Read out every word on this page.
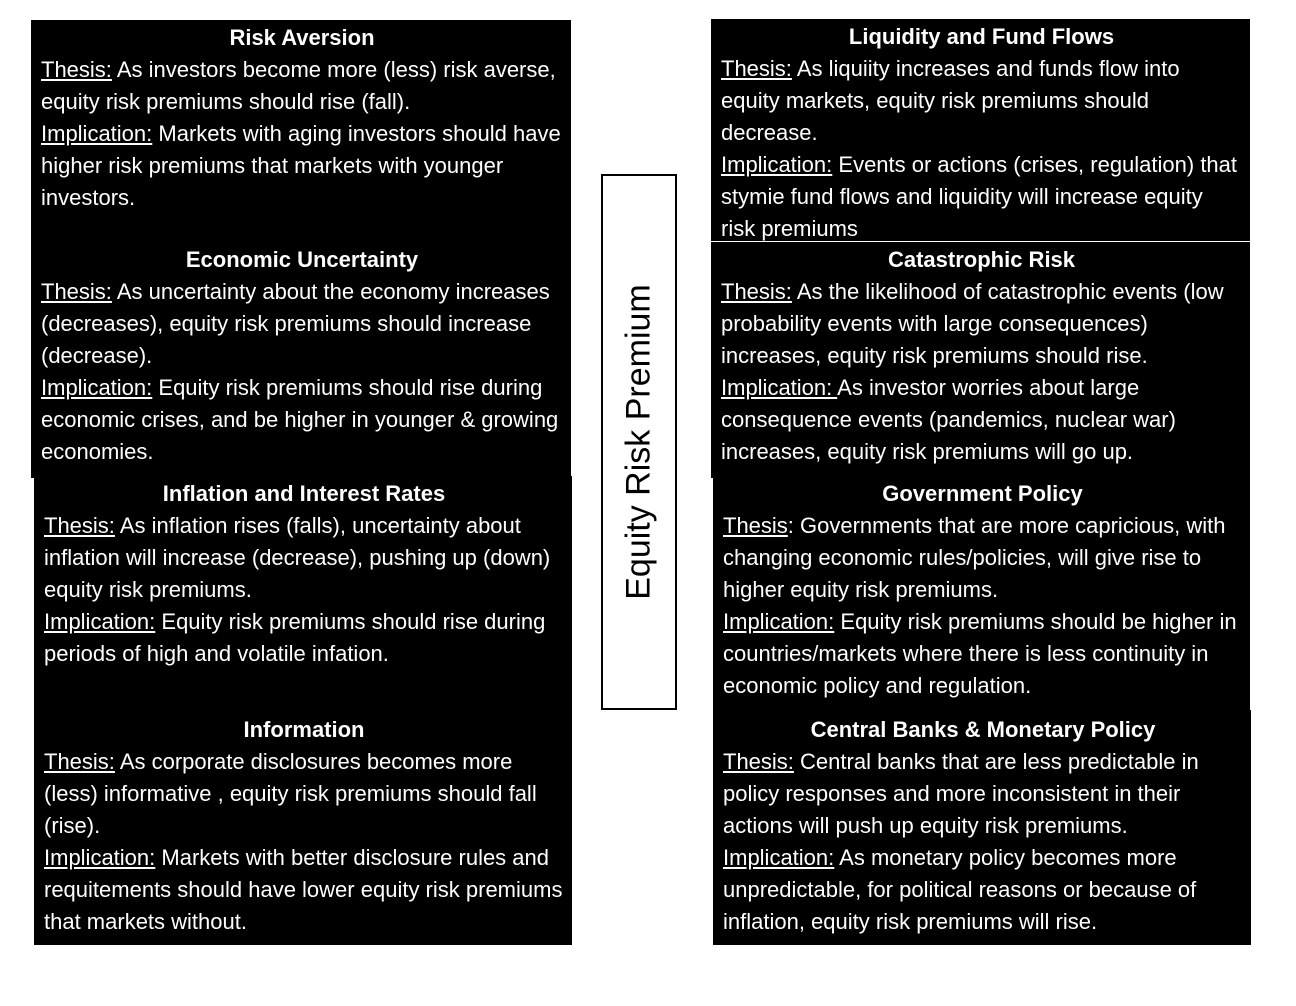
Risk Aversion

Thesis: As investors become more (less) risk averse, equity risk premiums should rise (fall).

Implication: Markets with aging investors should have higher risk premiums that markets with younger investors.

Economic Uncertainty

Thesis: As uncertainty about the economy increases (decreases), equity risk premiums should increase (decrease).

Implication: Equity risk premiums should rise during economic crises, and be higher in younger & growing economies.

Inflation and Interest Rates

Thesis: As inflation rises (falls), uncertainty about inflation will increase (decrease), pushing up (down) equity risk premiums.

Implication: Equity risk premiums should rise during periods of high and volatile infation.

Information

Thesis: As corporate disclosures becomes more (less) informative , equity risk premiums should fall (rise).

Implication: Markets with better disclosure rules and requitements should have lower equity risk premiums that markets without.

Equity Risk Premium
Liquidity and Fund Flows

Thesis: As liquiity increases and funds flow into equity markets, equity risk premiums should decrease.

Implication: Events or actions (crises, regulation) that stymie fund flows and liquidity will increase equity risk premiums

Catastrophic Risk

Thesis: As the likelihood of catastrophic events (low probability events with large consequences) increases, equity risk premiums should rise.

Implication: As investor worries about large consequence events (pandemics, nuclear war) increases, equity risk premiums will go up.

Government Policy

Thesis: Governments that are more capricious, with changing economic rules/policies, will give rise to higher equity risk premiums.

Implication: Equity risk premiums should be higher in countries/markets where there is less continuity in economic policy and regulation.

Central Banks & Monetary Policy

Thesis: Central banks that are less predictable in policy responses and more inconsistent in their actions will push up equity risk premiums.

Implication: As monetary policy becomes more unpredictable, for political reasons or because of inflation, equity risk premiums will rise.
